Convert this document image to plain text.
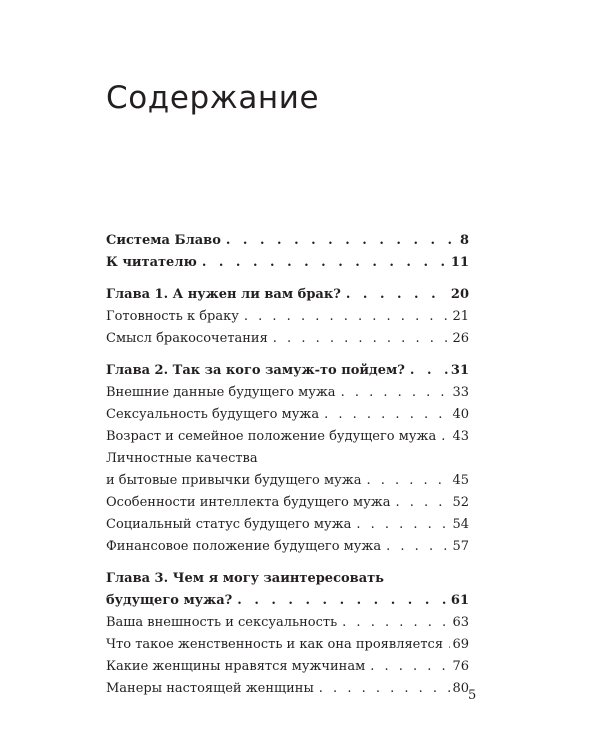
Содержание
Система Блаво . . .	8
К читателю . . .	11
Глава 1. А нужен ли вам брак? . . .	20
Готовность к браку . . .	21
Смысл бракосочетания . . .	26
Глава 2. Так за кого замуж-то пойдем? . . .	31
Внешние данные будущего мужа . . .	33
Сексуальность будущего мужа . . .	40
Возраст и семейное положение будущего мужа . . . 43
Личностные качества
и бытовые привычки будущего мужа . . .	45
Особенности интеллекта будущего мужа . . .	52
Социальный статус будущего мужа . . .	54
Финансовое положение будущего мужа . . .	57
Глава 3. Чем я могу заинтересовать
будущего мужа? . . .	61
Ваша внешность и сексуальность . . .	63
Что такое женственность и как она проявляется . . . 69
Какие женщины нравятся мужчинам . . .	76
Манеры настоящей женщины . . .	80 5
